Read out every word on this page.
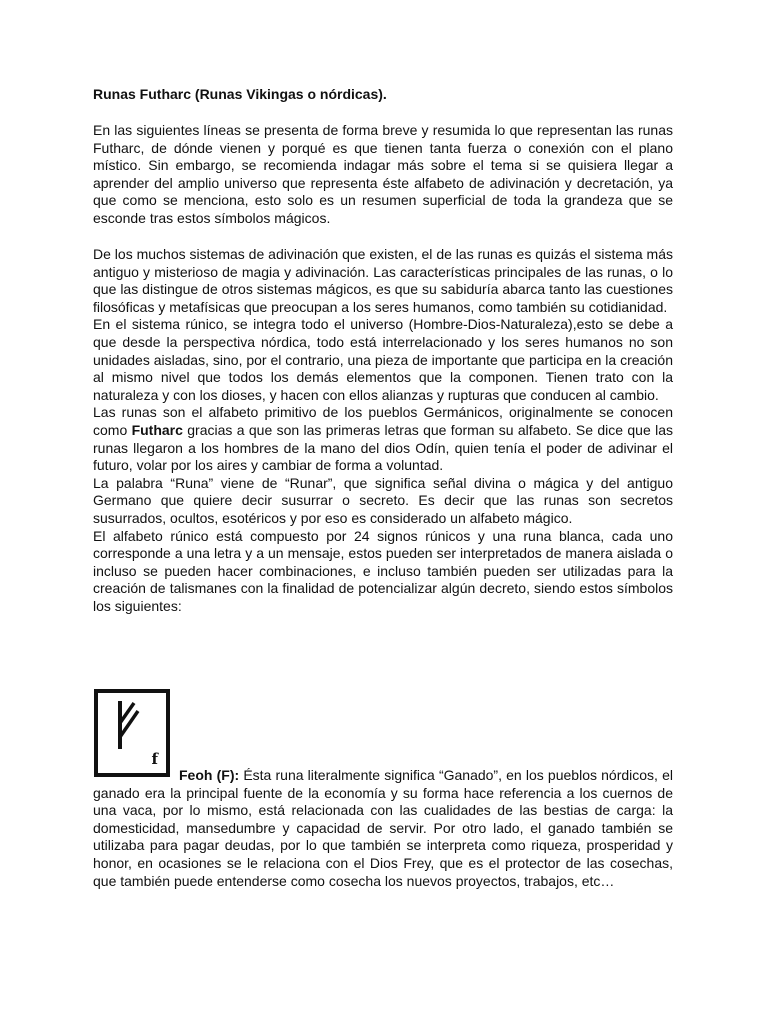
Runas Futharc (Runas Vikingas o nórdicas).

En las siguientes líneas se presenta de forma breve y resumida lo que representan las runas Futharc, de dónde vienen y porqué es que tienen tanta fuerza o conexión con el plano místico. Sin embargo, se recomienda indagar más sobre el tema si se quisiera llegar a aprender del amplio universo que representa éste alfabeto de adivinación y decretación, ya que como se menciona, esto solo es un resumen superficial de toda la grandeza que se esconde tras estos símbolos mágicos.

De los muchos sistemas de adivinación que existen, el de las runas es quizás el sistema más antiguo y misterioso de magia y adivinación. Las características principales de las runas, o lo que las distingue de otros sistemas mágicos, es que su sabiduría abarca tanto las cuestiones filosóficas y metafísicas que preocupan a los seres humanos, como también su cotidianidad.

En el sistema rúnico, se integra todo el universo (Hombre-Dios-Naturaleza),esto se debe a que desde la perspectiva nórdica, todo está interrelacionado y los seres humanos no son unidades aisladas, sino, por el contrario, una pieza de importante que participa en la creación al mismo nivel que todos los demás elementos que la componen. Tienen trato con la naturaleza y con los dioses, y hacen con ellos alianzas y rupturas que conducen al cambio.

Las runas son el alfabeto primitivo de los pueblos Germánicos, originalmente se conocen como Futharc gracias a que son las primeras letras que forman su alfabeto. Se dice que las runas llegaron a los hombres de la mano del dios Odín, quien tenía el poder de adivinar el futuro, volar por los aires y cambiar de forma a voluntad.

La palabra “Runa” viene de “Runar”, que significa señal divina o mágica y del antiguo Germano que quiere decir susurrar o secreto. Es decir que las runas son secretos susurrados, ocultos, esotéricos y por eso es considerado un alfabeto mágico.

El alfabeto rúnico está compuesto por 24 signos rúnicos y una runa blanca, cada uno corresponde a una letra y a un mensaje, estos pueden ser interpretados de manera aislada o incluso se pueden hacer combinaciones, e incluso también pueden ser utilizadas para la creación de talismanes con la finalidad de potencializar algún decreto, siendo estos símbolos los siguientes:

f

Feoh (F): Ésta runa literalmente significa “Ganado”, en los pueblos nórdicos, el ganado era la principal fuente de la economía y su forma hace referencia a los cuernos de una vaca, por lo mismo, está relacionada con las cualidades de las bestias de carga: la domesticidad, mansedumbre y capacidad de servir. Por otro lado, el ganado también se utilizaba para pagar deudas, por lo que también se interpreta como riqueza, prosperidad y honor, en ocasiones se le relaciona con el Dios Frey, que es el protector de las cosechas, que también puede entenderse como cosecha los nuevos proyectos, trabajos, etc…
